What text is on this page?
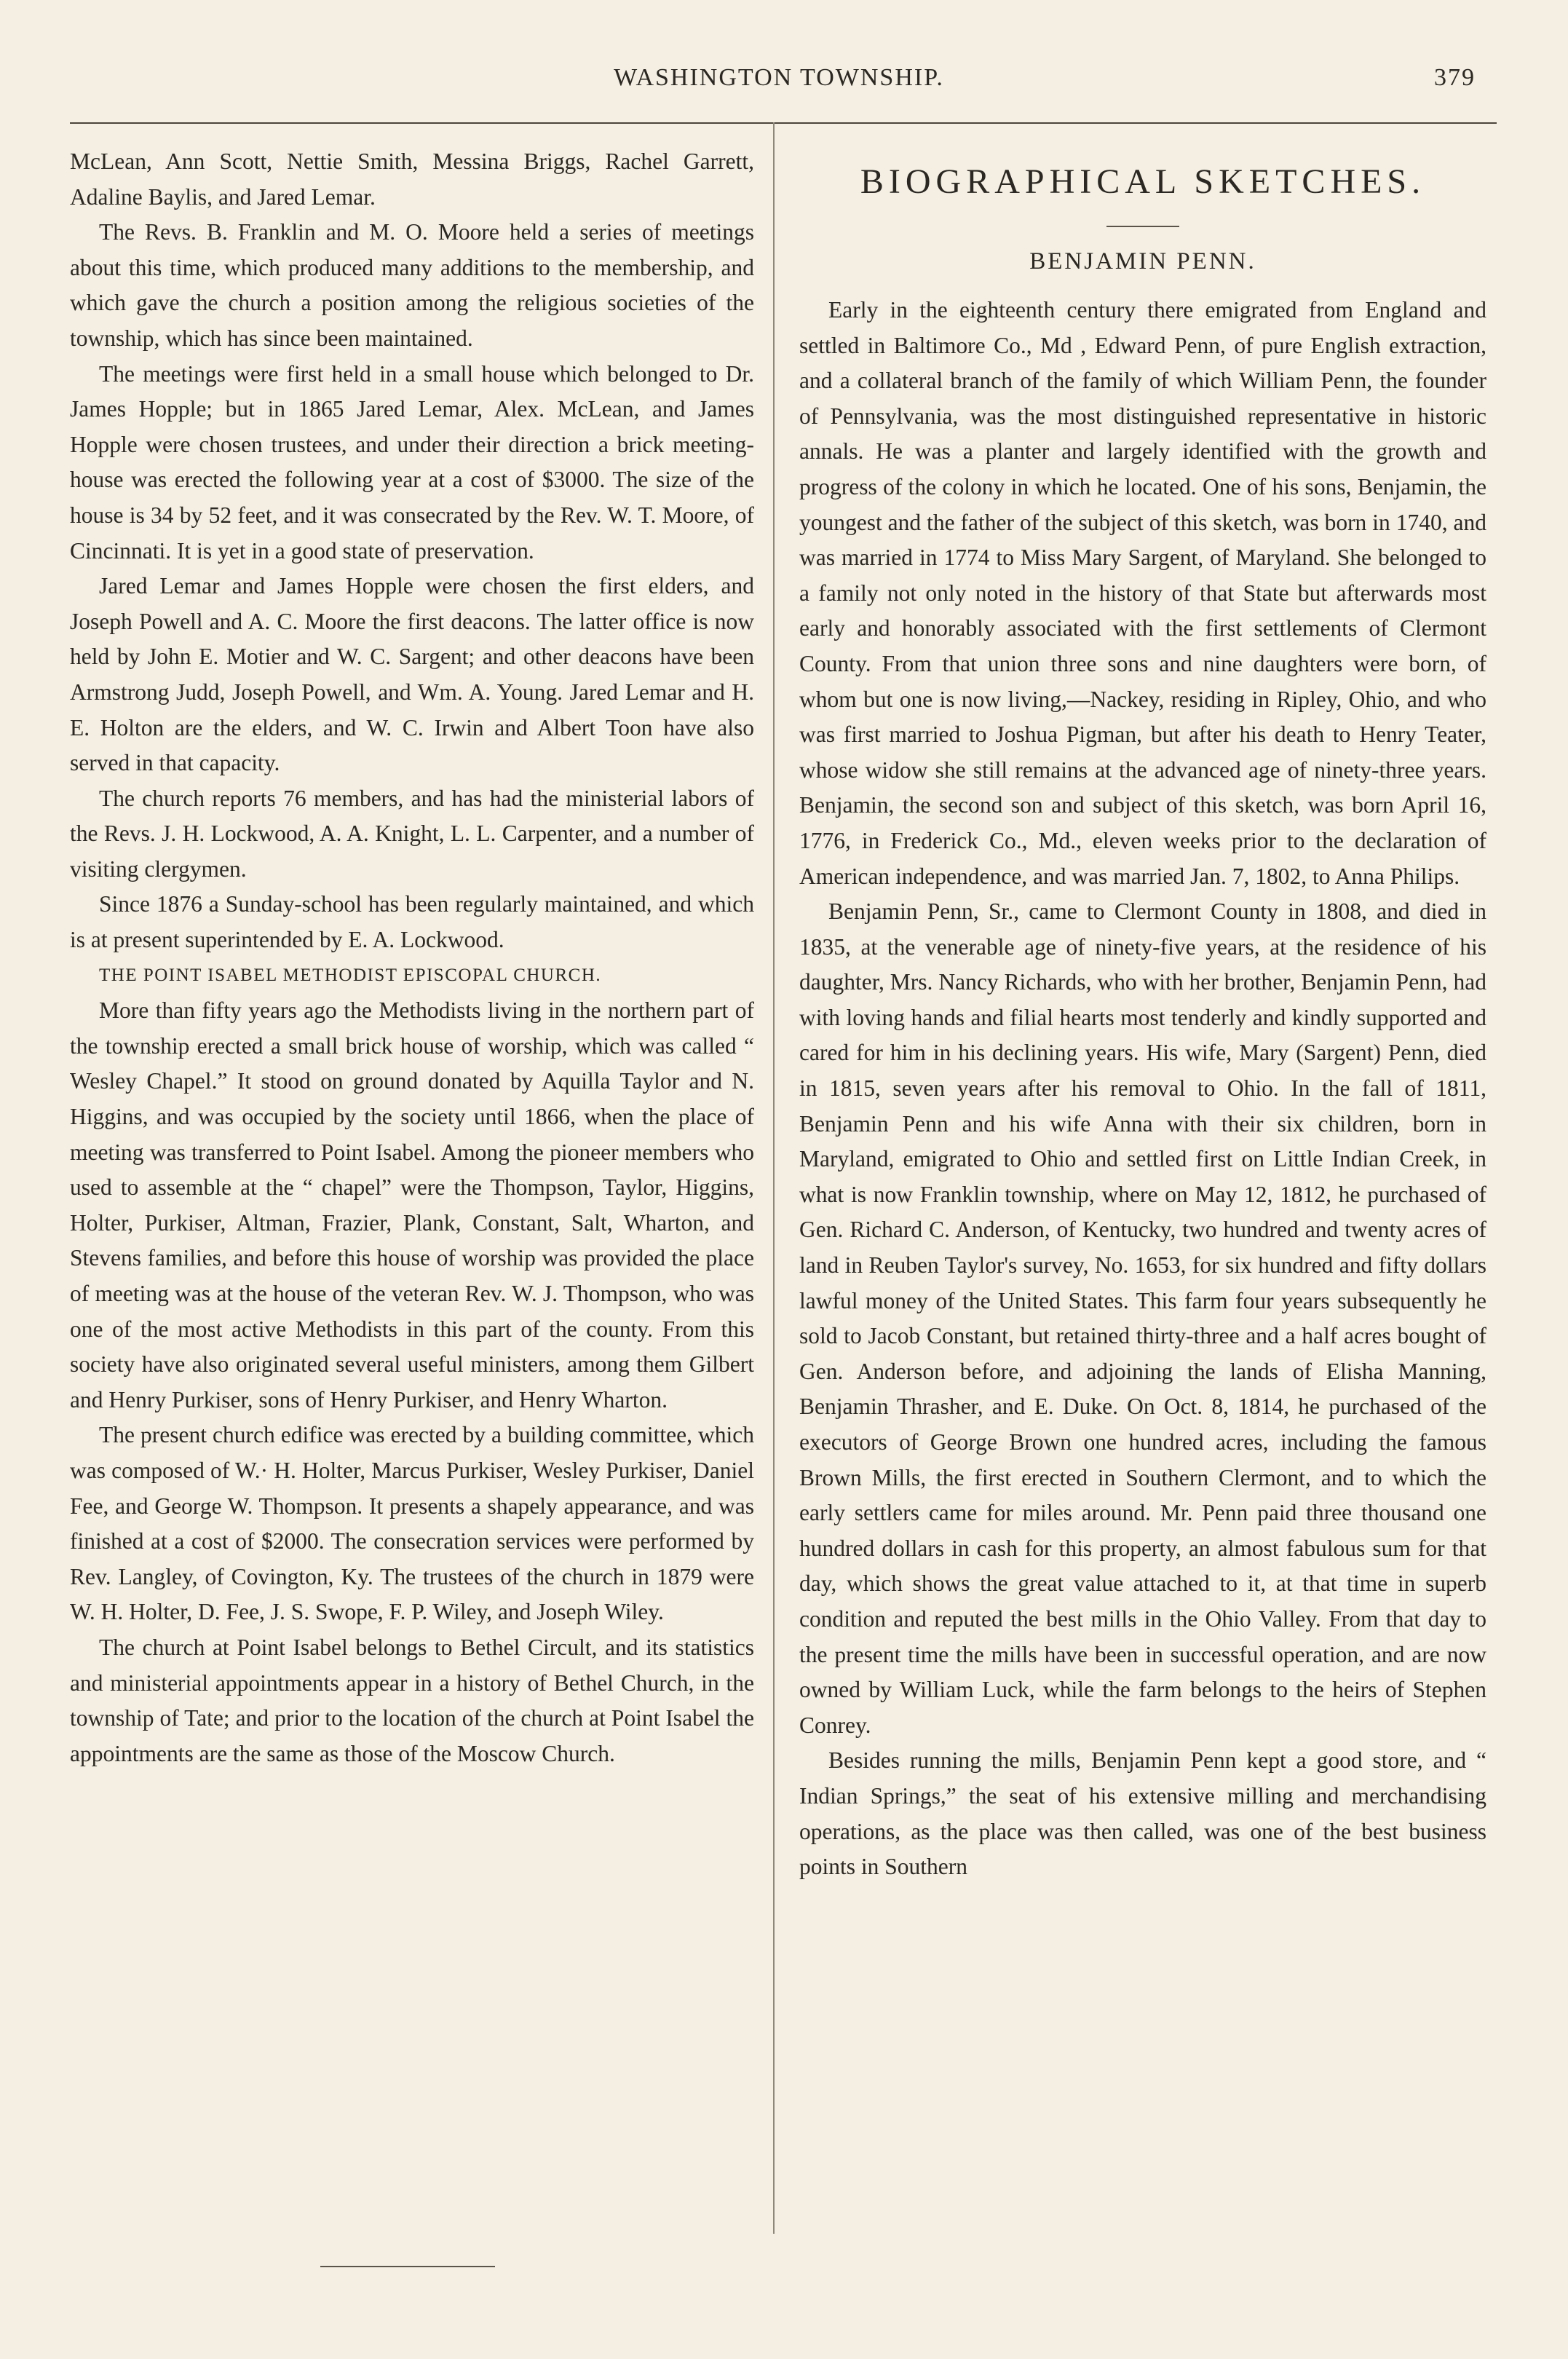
WASHINGTON TOWNSHIP.	379

McLean, Ann Scott, Nettie Smith, Messina Briggs, Rachel Garrett, Adaline Baylis, and Jared Lemar.

The Revs. B. Franklin and M. O. Moore held a series of meetings about this time, which produced many additions to the membership, and which gave the church a position among the religious societies of the township, which has since been maintained.

The meetings were first held in a small house which belonged to Dr. James Hopple; but in 1865 Jared Lemar, Alex. McLean, and James Hopple were chosen trustees, and under their direction a brick meeting-house was erected the following year at a cost of $3000. The size of the house is 34 by 52 feet, and it was consecrated by the Rev. W. T. Moore, of Cincinnati. It is yet in a good state of preservation.

Jared Lemar and James Hopple were chosen the first elders, and Joseph Powell and A. C. Moore the first deacons. The latter office is now held by John E. Motier and W. C. Sargent; and other deacons have been Armstrong Judd, Joseph Powell, and Wm. A. Young. Jared Lemar and H. E. Holton are the elders, and W. C. Irwin and Albert Toon have also served in that capacity.

The church reports 76 members, and has had the ministerial labors of the Revs. J. H. Lockwood, A. A. Knight, L. L. Carpenter, and a number of visiting clergymen.

Since 1876 a Sunday-school has been regularly maintained, and which is at present superintended by E. A. Lockwood.

THE POINT ISABEL METHODIST EPISCOPAL CHURCH.

More than fifty years ago the Methodists living in the northern part of the township erected a small brick house of worship, which was called “ Wesley Chapel.” It stood on ground donated by Aquilla Taylor and N. Higgins, and was occupied by the society until 1866, when the place of meeting was transferred to Point Isabel. Among the pioneer members who used to assemble at the “ chapel” were the Thompson, Taylor, Higgins, Holter, Purkiser, Altman, Frazier, Plank, Constant, Salt, Wharton, and Stevens families, and before this house of worship was provided the place of meeting was at the house of the veteran Rev. W. J. Thompson, who was one of the most active Methodists in this part of the county. From this society have also originated several useful ministers, among them Gilbert and Henry Purkiser, sons of Henry Purkiser, and Henry Wharton.

The present church edifice was erected by a building committee, which was composed of W.· H. Holter, Marcus Purkiser, Wesley Purkiser, Daniel Fee, and George W. Thompson. It presents a shapely appearance, and was finished at a cost of $2000. The consecration services were performed by Rev. Langley, of Covington, Ky. The trustees of the church in 1879 were W. H. Holter, D. Fee, J. S. Swope, F. P. Wiley, and Joseph Wiley.

The church at Point Isabel belongs to Bethel Circult, and its statistics and ministerial appointments appear in a history of Bethel Church, in the township of Tate; and prior to the location of the church at Point Isabel the appointments are the same as those of the Moscow Church.

BIOGRAPHICAL SKETCHES.
BENJAMIN PENN.

Early in the eighteenth century there emigrated from England and settled in Baltimore Co., Md , Edward Penn, of pure English extraction, and a collateral branch of the family of which William Penn, the founder of Pennsylvania, was the most distinguished representative in historic annals. He was a planter and largely identified with the growth and progress of the colony in which he located. One of his sons, Benjamin, the youngest and the father of the subject of this sketch, was born in 1740, and was married in 1774 to Miss Mary Sargent, of Maryland. She belonged to a family not only noted in the history of that State but afterwards most early and honorably associated with the first settlements of Clermont County. From that union three sons and nine daughters were born, of whom but one is now living,—Nackey, residing in Ripley, Ohio, and who was first married to Joshua Pigman, but after his death to Henry Teater, whose widow she still remains at the advanced age of ninety-three years. Benjamin, the second son and subject of this sketch, was born April 16, 1776, in Frederick Co., Md., eleven weeks prior to the declaration of American independence, and was married Jan. 7, 1802, to Anna Philips.

Benjamin Penn, Sr., came to Clermont County in 1808, and died in 1835, at the venerable age of ninety-five years, at the residence of his daughter, Mrs. Nancy Richards, who with her brother, Benjamin Penn, had with loving hands and filial hearts most tenderly and kindly supported and cared for him in his declining years. His wife, Mary (Sargent) Penn, died in 1815, seven years after his removal to Ohio. In the fall of 1811, Benjamin Penn and his wife Anna with their six children, born in Maryland, emigrated to Ohio and settled first on Little Indian Creek, in what is now Franklin township, where on May 12, 1812, he purchased of Gen. Richard C. Anderson, of Kentucky, two hundred and twenty acres of land in Reuben Taylor's survey, No. 1653, for six hundred and fifty dollars lawful money of the United States. This farm four years subsequently he sold to Jacob Constant, but retained thirty-three and a half acres bought of Gen. Anderson before, and adjoining the lands of Elisha Manning, Benjamin Thrasher, and E. Duke. On Oct. 8, 1814, he purchased of the executors of George Brown one hundred acres, including the famous Brown Mills, the first erected in Southern Clermont, and to which the early settlers came for miles around. Mr. Penn paid three thousand one hundred dollars in cash for this property, an almost fabulous sum for that day, which shows the great value attached to it, at that time in superb condition and reputed the best mills in the Ohio Valley. From that day to the present time the mills have been in successful operation, and are now owned by William Luck, while the farm belongs to the heirs of Stephen Conrey.

Besides running the mills, Benjamin Penn kept a good store, and “ Indian Springs,” the seat of his extensive milling and merchandising operations, as the place was then called, was one of the best business points in Southern
